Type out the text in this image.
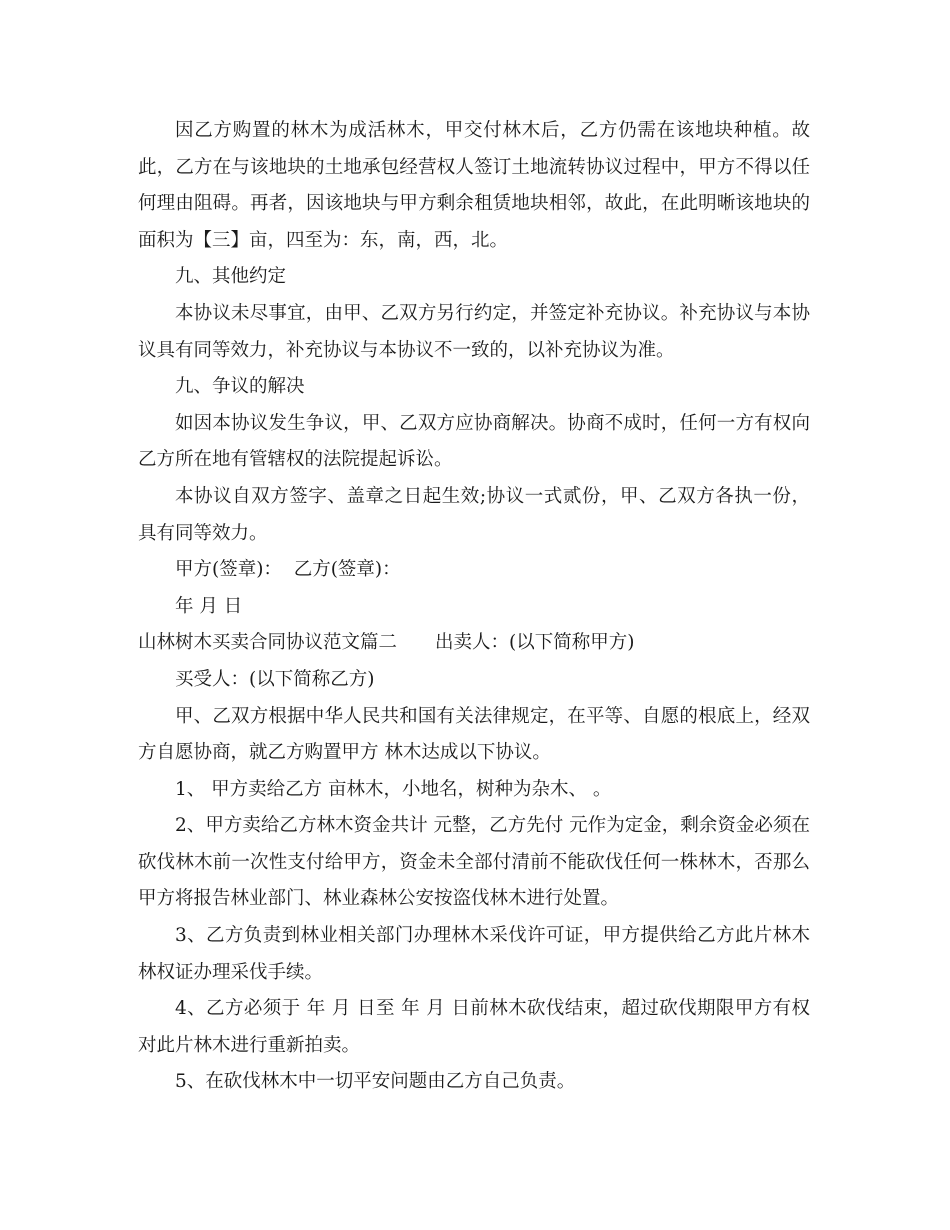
因乙方购置的林木为成活林木，甲交付林木后，乙方仍需在该地块种植。故此，乙方在与该地块的土地承包经营权人签订土地流转协议过程中，甲方不得以任何理由阻碍。再者，因该地块与甲方剩余租赁地块相邻，故此，在此明晰该地块的面积为【三】亩，四至为：东，南，西，北。

九、其他约定

本协议未尽事宜，由甲、乙双方另行约定，并签定补充协议。补充协议与本协议具有同等效力，补充协议与本协议不一致的，以补充协议为准。

九、争议的解决

如因本协议发生争议，甲、乙双方应协商解决。协商不成时，任何一方有权向乙方所在地有管辖权的法院提起诉讼。

本协议自双方签字、盖章之日起生效;协议一式贰份，甲、乙双方各执一份，具有同等效力。

甲方(签章)：  乙方(签章)：

年 月 日

山林树木买卖合同协议范文篇二 出卖人：(以下简称甲方)

买受人：(以下简称乙方)

甲、乙双方根据中华人民共和国有关法律规定，在平等、自愿的根底上，经双方自愿协商，就乙方购置甲方 林木达成以下协议。

1、 甲方卖给乙方 亩林木，小地名，树种为杂木、 。

2、甲方卖给乙方林木资金共计 元整，乙方先付 元作为定金，剩余资金必须在砍伐林木前一次性支付给甲方，资金未全部付清前不能砍伐任何一株林木，否那么甲方将报告林业部门、林业森林公安按盗伐林木进行处置。

3、乙方负责到林业相关部门办理林木采伐许可证，甲方提供给乙方此片林木林权证办理采伐手续。

4、乙方必须于 年 月 日至 年 月 日前林木砍伐结束，超过砍伐期限甲方有权对此片林木进行重新拍卖。

5、在砍伐林木中一切平安问题由乙方自己负责。
